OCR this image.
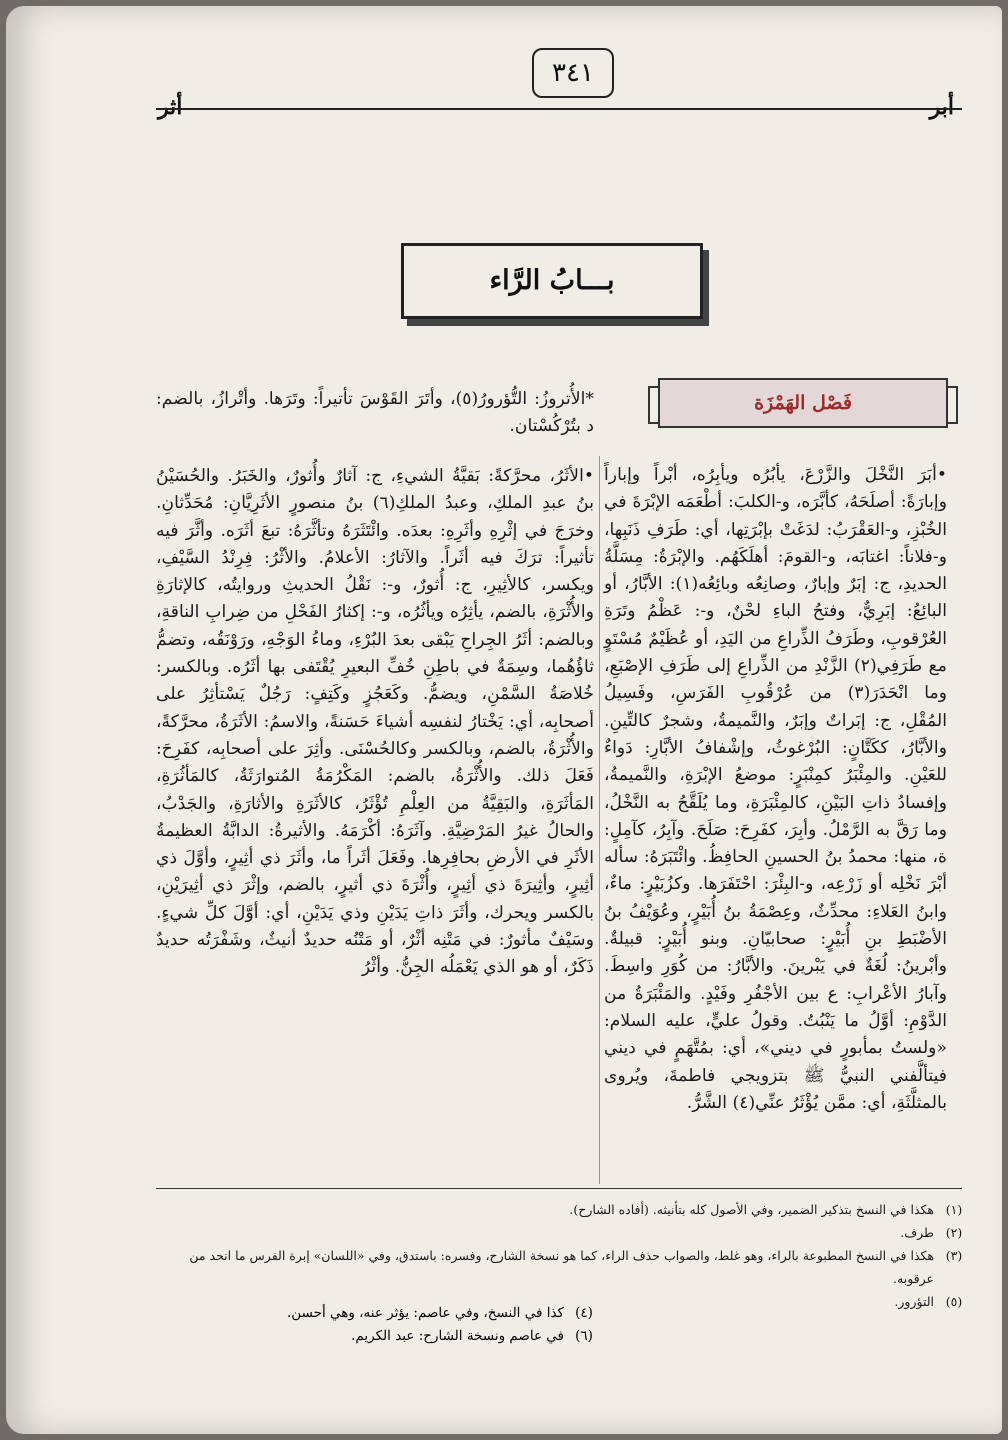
٣٤١
أثر	أبر
بـــابُ الرَّاء
فَصْل الهَمْزَة

*الأُتروزُ: التُّؤرورُ(٥)، وأتَرَ القَوْسَ تأتيراً: وتَرَها. وأتْرازُ، بالضم: د بتُرْكُسْتان.

•الأثَرُ، محرَّكةً: بَقيَّةُ الشيءِ، ج: آثارٌ وأُثورٌ، والخَبَرُ. والحُسَيْنُ بنُ عبدِ الملكِ، وعبدُ الملكِ(٦) بنُ منصورٍ الأثَرِيَّانِ: مُحَدِّثانِ. وخرَجَ في إثْرِهِ وأثَرِهِ: بعدَه. وائْتَثَرَهُ وتأثَّرَهُ: تبعَ أثَرَه. وأثَّرَ فيه تأثيراً: ترَكَ فيه أثَراً. والآثارُ: الأعلامُ. والأثْرُ: فِرِنْدُ السَّيْفِ، ويكسر، كالأثِيرِ، ج: أُثورٌ، و-: نَقْلُ الحديثِ وروايتُه، كالإثارَةِ والأُثْرَةِ، بالضم، يأثِرُه ويأثُرُه، و-: إكثارُ الفَحْلِ من ضِرابِ الناقةِ، وبالضم: أثَرُ الجِراحِ يَبْقى بعدَ البُرْءِ، وماءُ الوَجْهِ، ورَوْنَقُه، وتضمُّ ثاؤُهُما، وسِمَةٌ في باطِنِ خُفِّ البعيرِ يُقْتَفى بها أثَرُه. وبالكسر: خُلاصَةُ السَّمْنِ، ويضمُّ. وكَعَجُزٍ وكَتِفٍ: رَجُلٌ يَسْتأثِرُ على أصحابِه، أي: يَخْتارُ لنفسِه أشياءَ حَسَنةً، والاسمُ: الأثَرَةُ، محرَّكةً، والأُثْرَةُ، بالضم، وبالكسر وكالحُسْنَى. وأثِرَ على أصحابِه، كفَرِحَ: فَعَلَ ذلك. والأُثْرَةُ، بالضم: المَكْرُمَةُ المُتوارَثَةُ، كالمَأثُرَةِ، المَأثَرَةِ، والبَقِيَّةُ من العِلْمِ تُؤْثَرُ، كالأثَرَةِ والأثارَةِ، والجَدْبُ، والحالُ غيرُ المَرْضِيَّةِ. وآثَرَهُ: أكْرَمَهُ. والأثيرةُ: الدابَّةُ العظيمةُ الأثَرِ في الأرضِ بحافِرِها. وفَعَلَ أثَراً ما، وأثَرَ ذي أثِيرٍ، وأوَّلَ ذي أثِيرٍ، وأثِيرَةَ ذي أثِيرٍ، وأُثْرَةَ ذي أثيرٍ، بالضم، وإثْرَ ذي أثِيرَيْنِ، بالكسر ويحرك، وأثَرَ ذاتِ يَدَيْنِ وذي يَدَيْنِ، أي: أوَّلَ كلِّ شيءٍ. وسَيْفٌ مأثورٌ: في مَتْنِه أثْرٌ، أو مَتْنُه حديدٌ أنيثٌ، وشَفْرَتُه حديدٌ ذَكَرٌ، أو هو الذي يَعْمَلُه الجِنُّ. وأثْرُ

•أبَرَ النَّخْلَ والزَّرْعَ، يأبُرُه ويأبِرُه، أبْراً وإباراً وإبارَةً: أصلَحَهُ، كأبَّرَه، و-الكلبَ: أطْعَمَه الإبْرَةَ في الخُبْزِ، و-العَقْرَبُ: لدَغَتْ بإبْرَتِها، أي: طَرَفِ ذَنَبِها، و-فلاناً: اغتابَه، و-القومَ: أهلَكَهُم. والإبْرَةُ: مِسَلَّةُ الحديدِ، ج: إبَرٌ وإبارٌ، وصانِعُه وبائِعُه(١): الأبَّارُ، أو البائِعُ: إبَرِيٌّ، وفتحُ الباءِ لحْنٌ، و-: عَظْمُ وتَرَةِ العُرْقوبِ، وطَرَفُ الذِّراعِ من اليَدِ، أو عُظَيْمٌ مُسْتَوٍ مع طَرَفِي(٢) الزَّنْدِ من الذِّراعِ إلى طَرَفِ الإصْبَعِ، وما انْحَدَرَ(٣) من عُرْقُوبِ الفَرَسِ، وفَسِيلُ المُقْلِ، ج: إبَراتٌ وإبَرٌ، والنَّميمةُ، وشجرٌ كالتِّينِ. والأبَّارُ، ككَتَّانٍ: البُرْغوثُ، وإشْفافُ الأبَّارِ: دَواءٌ للعَيْنِ. والمِئْبَرُ كمِنْبَرٍ: موضعُ الإبْرَةِ، والنَّميمةُ، وإفسادُ ذاتِ البَيْنِ، كالمِئْبَرَةِ، وما يُلَقَّحُ به النَّخْلُ، وما رَقَّ به الرَّمْلُ. وأبِرَ، كفَرِحَ: صَلَحَ. وآبِرُ، كآمِلٍ: ة، منها: محمدُ بنُ الحسينِ الحافِظُ. وائْتَبَرَهُ: سأله أبْرَ نَخْلِه أو زَرْعِه، و-البِئْرَ: احْتَفَرَها. وكزُبَيْرٍ: ماءٌ، وابنُ العَلاءِ: محدِّثٌ، وعِصْمَةُ بنُ أُبَيْرٍ، وعُوَيْفُ بنُ الأضْبَطِ بنِ أُبَيْرٍ: صحابيّانِ. وبنو أُبَيْرٍ: قبيلةٌ. وأبْرينُ: لُغَةٌ في يَبْرينَ. والأبَّارُ: من كُوَرِ واسِطَ. وآبارُ الأعْرابِ: ع بين الأجْفُرِ وفَيْدٍ. والمَئْبَرَةُ من الدَّوْمِ: أوَّلُ ما يَنْبُتُ. وقولُ عليٍّ، عليه السلام: «ولستُ بمأبورٍ في ديني»، أي: بمُتَّهَمٍ في ديني فيتألَّفني النبيُّ ﷺ بتزويجي فاطمةَ، ويُروى بالمثلَّثَةِ، أي: ممَّن يُؤْثَرُ عنِّي(٤) الشَّرُّ.

(١)
هكذا في النسخ بتذكير الضمير، وفي الأصول كله بتأنيثه. (أفاده الشارح).
(٢)
طرف.
(٣)
هكذا في النسخ المطبوعة بالراء، وهو غلط، والصواب حذف الراء، كما هو نسخة الشارح، وفسره: باستدق، وفي «اللسان» إبرة الفرس ما انحد من عرقوبه.
(٥)
التؤرور.
(٤)
كذا في النسخ، وفي عاصم: يؤثر عنه، وهي أحسن.
(٦)
في عاصم ونسخة الشارح: عبد الكريم.
